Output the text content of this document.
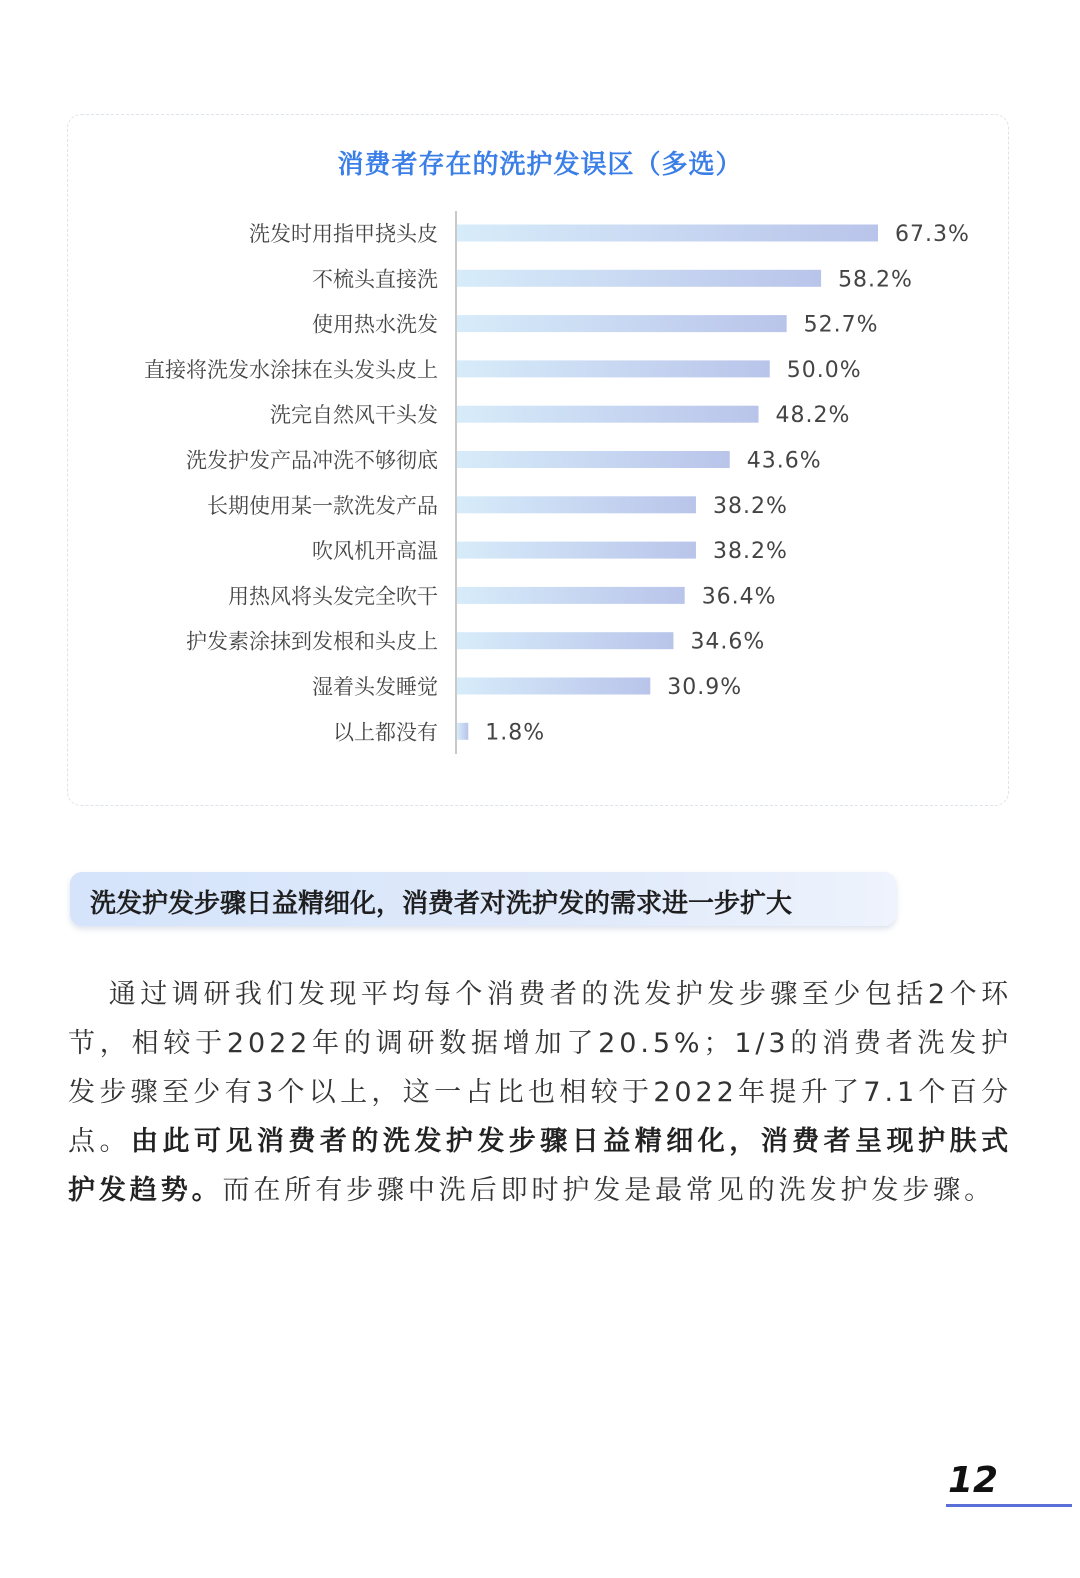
消费者存在的洗护发误区（多选）
洗发时用指甲挠头皮	67.3%
不梳头直接洗	58.2%
使用热水洗发	52.7%
直接将洗发水涂抹在头发头皮上	50.0%
洗完自然风干头发	48.2%
洗发护发产品冲洗不够彻底	43.6%
长期使用某一款洗发产品	38.2%
吹风机开高温	38.2%
用热风将头发完全吹干	36.4%
护发素涂抹到发根和头皮上	34.6%
湿着头发睡觉	30.9%
以上都没有 1.8%
洗发护发步骤日益精细化，消费者对洗护发的需求进一步扩大

  通过调研我们发现平均每个消费者的洗发护发步骤至少包括2个环节，相较于2022年的调研数据增加了20.5%；1/3的消费者洗发护发步骤至少有3个以上，这一占比也相较于2022年提升了7.1个百分点。由此可见消费者的洗发护发步骤日益精细化，消费者呈现护肤式护发趋势。而在所有步骤中洗后即时护发是最常见的洗发护发步骤。

12
